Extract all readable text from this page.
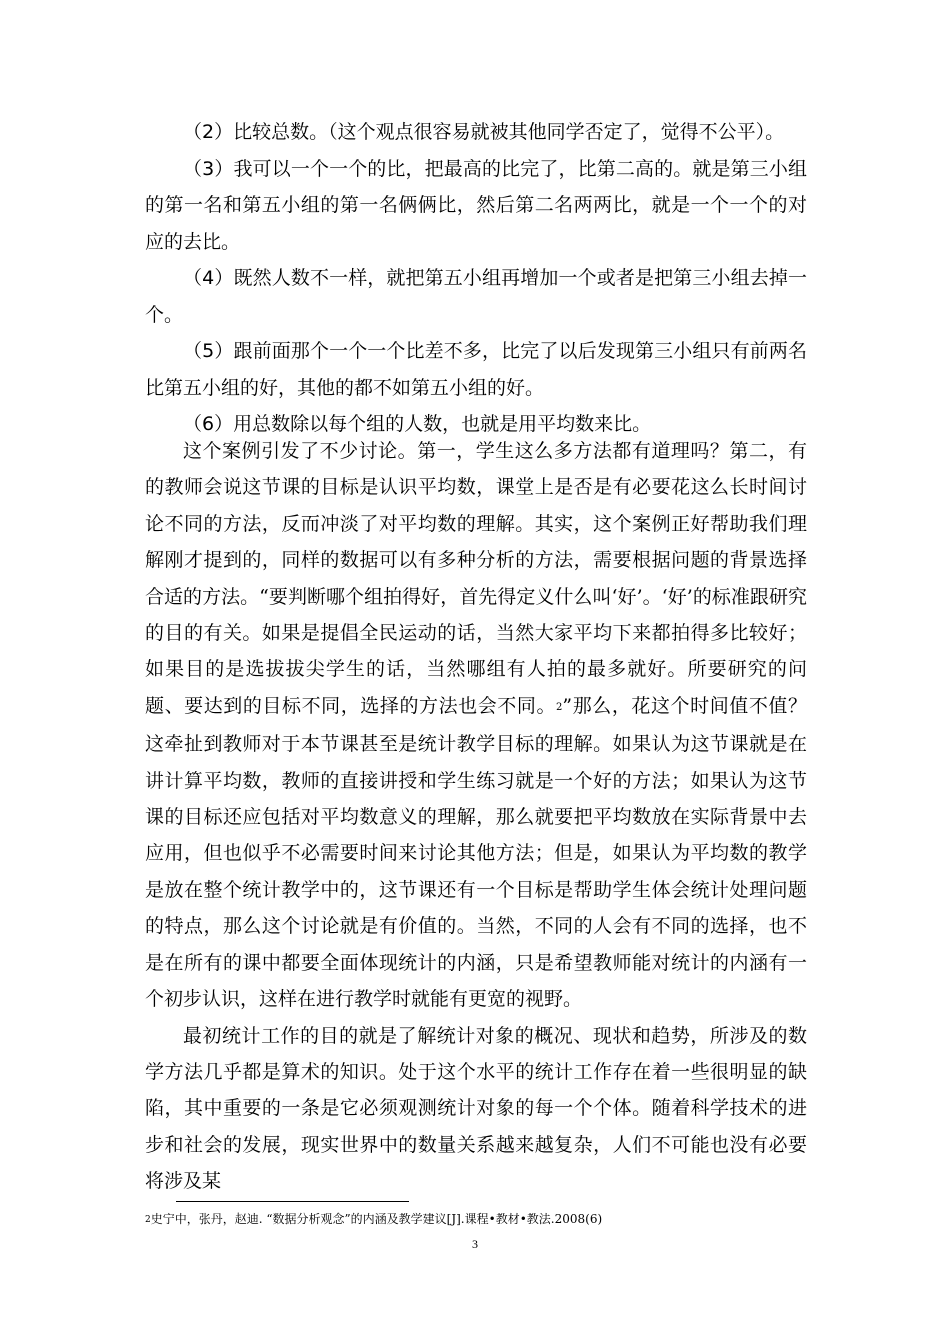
（2）比较总数。（这个观点很容易就被其他同学否定了，觉得不公平）。

（3）我可以一个一个的比，把最高的比完了，比第二高的。就是第三小组的第一名和第五小组的第一名俩俩比，然后第二名两两比，就是一个一个的对应的去比。

（4）既然人数不一样，就把第五小组再增加一个或者是把第三小组去掉一个。

（5）跟前面那个一个一个比差不多，比完了以后发现第三小组只有前两名比第五小组的好，其他的都不如第五小组的好。

（6）用总数除以每个组的人数，也就是用平均数来比。

这个案例引发了不少讨论。第一，学生这么多方法都有道理吗？第二，有的教师会说这节课的目标是认识平均数，课堂上是否是有必要花这么长时间讨论不同的方法，反而冲淡了对平均数的理解。其实，这个案例正好帮助我们理解刚才提到的，同样的数据可以有多种分析的方法，需要根据问题的背景选择合适的方法。“要判断哪个组拍得好，首先得定义什么叫‘好’。‘好’的标准跟研究的目的有关。如果是提倡全民运动的话，当然大家平均下来都拍得多比较好；如果目的是选拔拔尖学生的话，当然哪组有人拍的最多就好。所要研究的问题、要达到的目标不同，选择的方法也会不同。$^2$”那么，花这个时间值不值？这牵扯到教师对于本节课甚至是统计教学目标的理解。如果认为这节课就是在讲计算平均数，教师的直接讲授和学生练习就是一个好的方法；如果认为这节课的目标还应包括对平均数意义的理解，那么就要把平均数放在实际背景中去应用，但也似乎不必需要时间来讨论其他方法；但是，如果认为平均数的教学是放在整个统计教学中的，这节课还有一个目标是帮助学生体会统计处理问题的特点，那么这个讨论就是有价值的。当然，不同的人会有不同的选择，也不是在所有的课中都要全面体现统计的内涵，只是希望教师能对统计的内涵有一个初步认识，这样在进行教学时就能有更宽的视野。

最初统计工作的目的就是了解统计对象的概况、现状和趋势，所涉及的数学方法几乎都是算术的知识。处于这个水平的统计工作存在着一些很明显的缺陷，其中重要的一条是它必须观测统计对象的每一个个体。随着科学技术的进步和社会的发展，现实世界中的数量关系越来越复杂，人们不可能也没有必要将涉及某

2史宁中，张丹，赵迪. “数据分析观念”的内涵及教学建议[J].课程•教材•教法.2008(6)
3
